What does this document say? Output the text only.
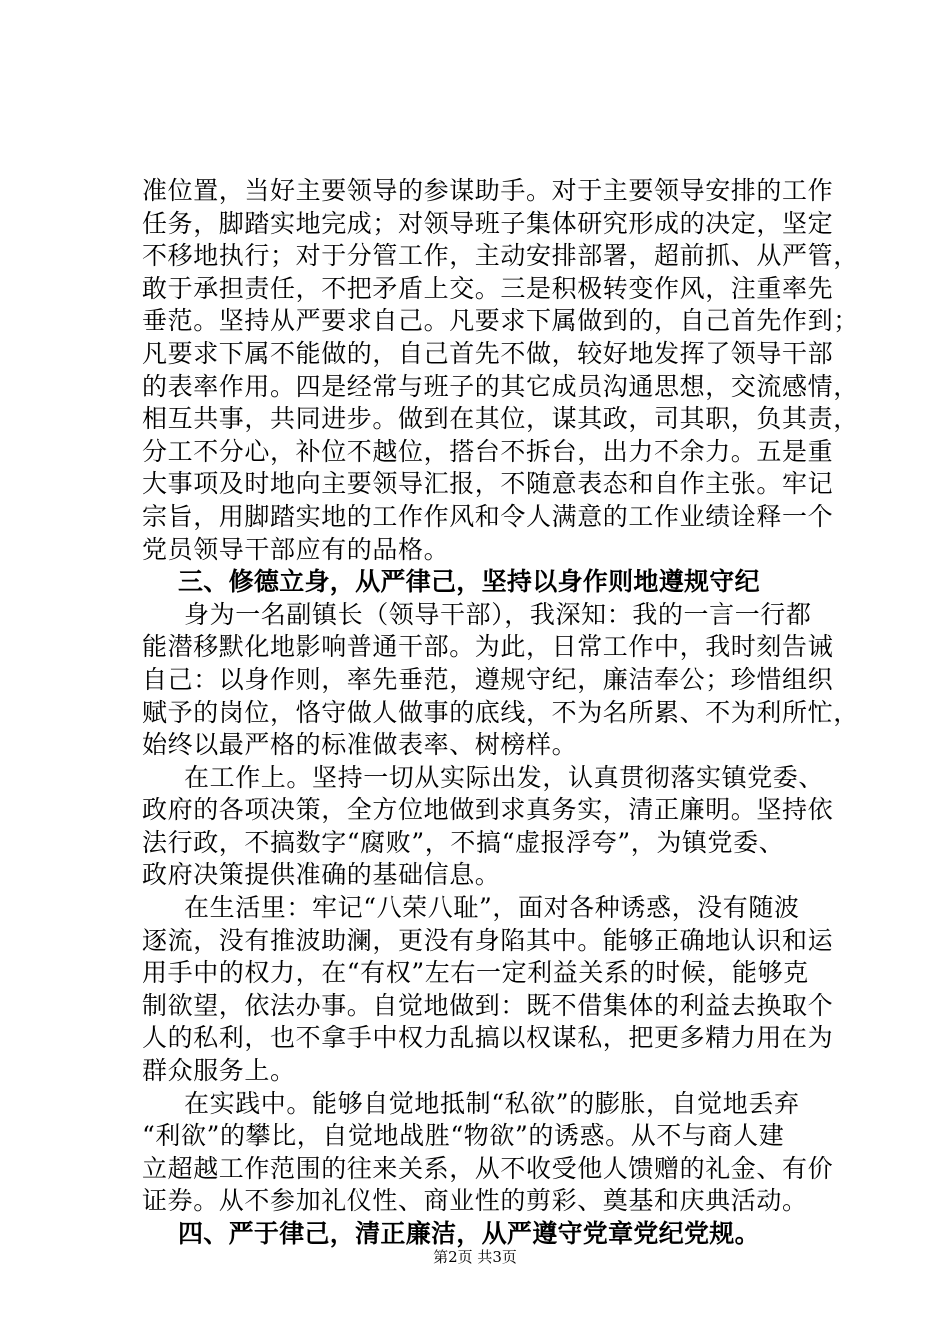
准位置，当好主要领导的参谋助手。对于主要领导安排的工作
任务，脚踏实地完成；对领导班子集体研究形成的决定，坚定
不移地执行；对于分管工作，主动安排部署，超前抓、从严管，
敢于承担责任，不把矛盾上交。三是积极转变作风，注重率先
垂范。坚持从严要求自己。凡要求下属做到的，自己首先作到；
凡要求下属不能做的，自己首先不做，较好地发挥了领导干部
的表率作用。四是经常与班子的其它成员沟通思想，交流感情，
相互共事，共同进步。做到在其位，谋其政，司其职，负其责，
分工不分心，补位不越位，搭台不拆台，出力不余力。五是重
大事项及时地向主要领导汇报，不随意表态和自作主张。牢记
宗旨，用脚踏实地的工作作风和令人满意的工作业绩诠释一个
党员领导干部应有的品格。
三、修德立身，从严律己，坚持以身作则地遵规守纪
身为一名副镇长（领导干部），我深知：我的一言一行都
能潜移默化地影响普通干部。为此，日常工作中，我时刻告诫
自己：以身作则，率先垂范，遵规守纪，廉洁奉公；珍惜组织
赋予的岗位，恪守做人做事的底线，不为名所累、不为利所忙，
始终以最严格的标准做表率、树榜样。
在工作上。坚持一切从实际出发，认真贯彻落实镇党委、
政府的各项决策，全方位地做到求真务实，清正廉明。坚持依
法行政，不搞数字“腐败”，不搞“虚报浮夸”，为镇党委、
政府决策提供准确的基础信息。
在生活里：牢记“八荣八耻”，面对各种诱惑，没有随波
逐流，没有推波助澜，更没有身陷其中。能够正确地认识和运
用手中的权力，在“有权”左右一定利益关系的时候，能够克
制欲望，依法办事。自觉地做到：既不借集体的利益去换取个
人的私利，也不拿手中权力乱搞以权谋私，把更多精力用在为
群众服务上。
在实践中。能够自觉地抵制“私欲”的膨胀，自觉地丢弃
“利欲”的攀比，自觉地战胜“物欲”的诱惑。从不与商人建
立超越工作范围的往来关系，从不收受他人馈赠的礼金、有价
证券。从不参加礼仪性、商业性的剪彩、奠基和庆典活动。
四、严于律己，清正廉洁，从严遵守党章党纪党规。
第2页 共3页
